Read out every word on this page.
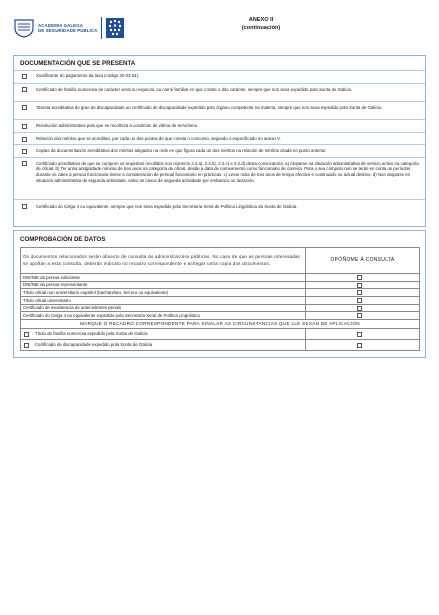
ACADEMIA GALEGA
DE SEGURIDADE PÚBLICA
ANEXO II
(continuación)
DOCUMENTACIÓN QUE SE PRESENTA
Xustificante do pagamento da taxa (código 30.03.04).
Certificado de familia numerosa de carácter xeral ou especial, ou carné familiar en que conste o dito carácter, sempre que non sexa expedido pola Xunta de Galicia.
Tarxeta acreditativa do grao de discapacidade ou certificado de discapacidade expedido polo órgano competente na materia, sempre que non sexa expedido pola Xunta de Galicia.
Resolución administrativa pola que se recoñeza a condición de vítima de terrorismo.
Relación dos méritos que se acreditan, por cada un dos puntos de que consta o concurso, segundo o especificado no anexo V.
Copias da documentación acreditativa dos méritos alegados na orde en que figura cada un dos méritos na relación de méritos citada no punto anterior.
Certificado acreditativo de que se cumpren os requisitos recollidos nos números 2.2.a), 2.2.b), 2.2.c) e 2.2.d) desta convocatoria: a) Atoparse na situación administrativa de servizo activo na categoría de oficial. b) Ter unha antigüidade mínima de tres anos na categoría de oficial, desde a data de nomeamento como funcionario de carreira. Para o seu cómputo non se terán en conta os períodos durante os cales a persoa funcionaria tivese a consideración de persoal funcionario en prácticas. c) Levar máis de tres anos de tempo efectivo e continuado no actual destino. d) Non atoparse en situación administrativa de segunda actividade, salvo os casos de segunda actividade por embarazo ou lactación.
Certificado do Celga 4 ou equivalente, sempre que non sexa expedido pola Secretaría Xeral de Política Lingüística da Xunta de Galicia.
COMPROBACIÓN DE DATOS
Os documentos relacionados serán obxecto de consulta ás administracións públicas. No caso de que as persoas interesadas se opoñan a esta consulta, deberán indicalo no recadro correspondente e achegar unha copia dos documentos.	OPÓÑOME Á CONSULTA
DNI/NIE da persoa solicitante	

DNI/NIE da persoa representante	

Título oficial non universitario español (bacharelato, técnico ou equivalente)	

Título oficial universitario	

Certificado de inexistencia de antecedentes penais	

Certificado do Celga 4 ou equivalente expedido pola Secretaría Xeral de Política Lingüística	

MARQUE O RECADRO CORRESPONDENTE PARA SINALAR AS CIRCUNSTANCIAS QUE LLE SEXAN DE APLICACIÓN	

Título de familia numerosa expedido pola Xunta de Galicia	

Certificado de discapacidade expedido pola Xunta de Galicia	
